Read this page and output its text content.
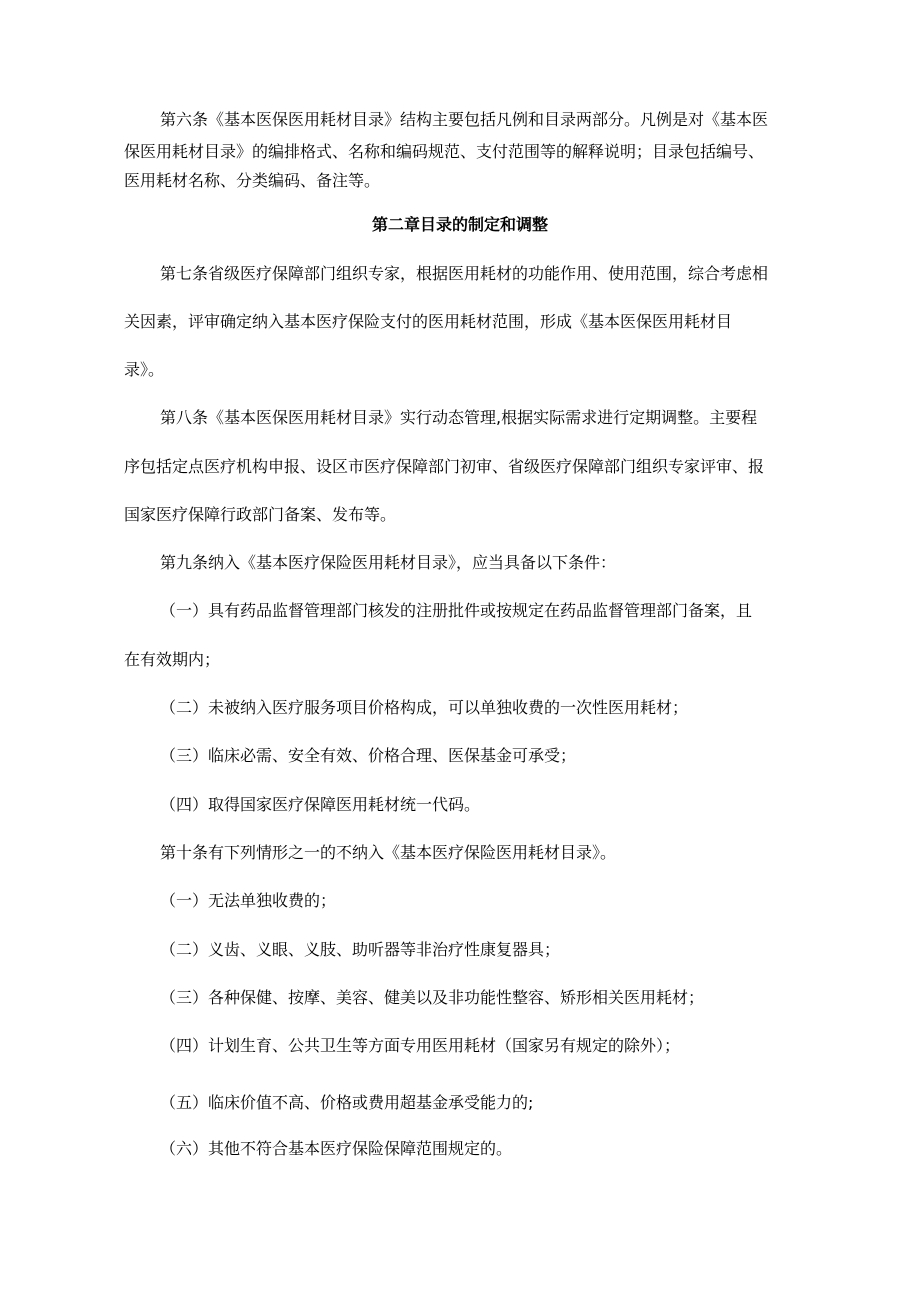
第六条《基本医保医用耗材目录》结构主要包括凡例和目录两部分。凡例是对《基本医
保医用耗材目录》的编排格式、名称和编码规范、支付范围等的解释说明；目录包括编号、
医用耗材名称、分类编码、备注等。
第二章目录的制定和调整
第七条省级医疗保障部门组织专家，根据医用耗材的功能作用、使用范围，综合考虑相
关因素，评审确定纳入基本医疗保险支付的医用耗材范围，形成《基本医保医用耗材目
录》。
第八条《基本医保医用耗材目录》实行动态管理,根据实际需求进行定期调整。主要程
序包括定点医疗机构申报、设区市医疗保障部门初审、省级医疗保障部门组织专家评审、报
国家医疗保障行政部门备案、发布等。
第九条纳入《基本医疗保险医用耗材目录》，应当具备以下条件：
（一）具有药品监督管理部门核发的注册批件或按规定在药品监督管理部门备案，且
在有效期内；
（二）未被纳入医疗服务项目价格构成，可以单独收费的一次性医用耗材；
（三）临床必需、安全有效、价格合理、医保基金可承受；
（四）取得国家医疗保障医用耗材统一代码。
第十条有下列情形之一的不纳入《基本医疗保险医用耗材目录》。
（一）无法单独收费的；
（二）义齿、义眼、义肢、助听器等非治疗性康复器具；
（三）各种保健、按摩、美容、健美以及非功能性整容、矫形相关医用耗材；
（四）计划生育、公共卫生等方面专用医用耗材（国家另有规定的除外）；
（五）临床价值不高、价格或费用超基金承受能力的;
（六）其他不符合基本医疗保险保障范围规定的。
